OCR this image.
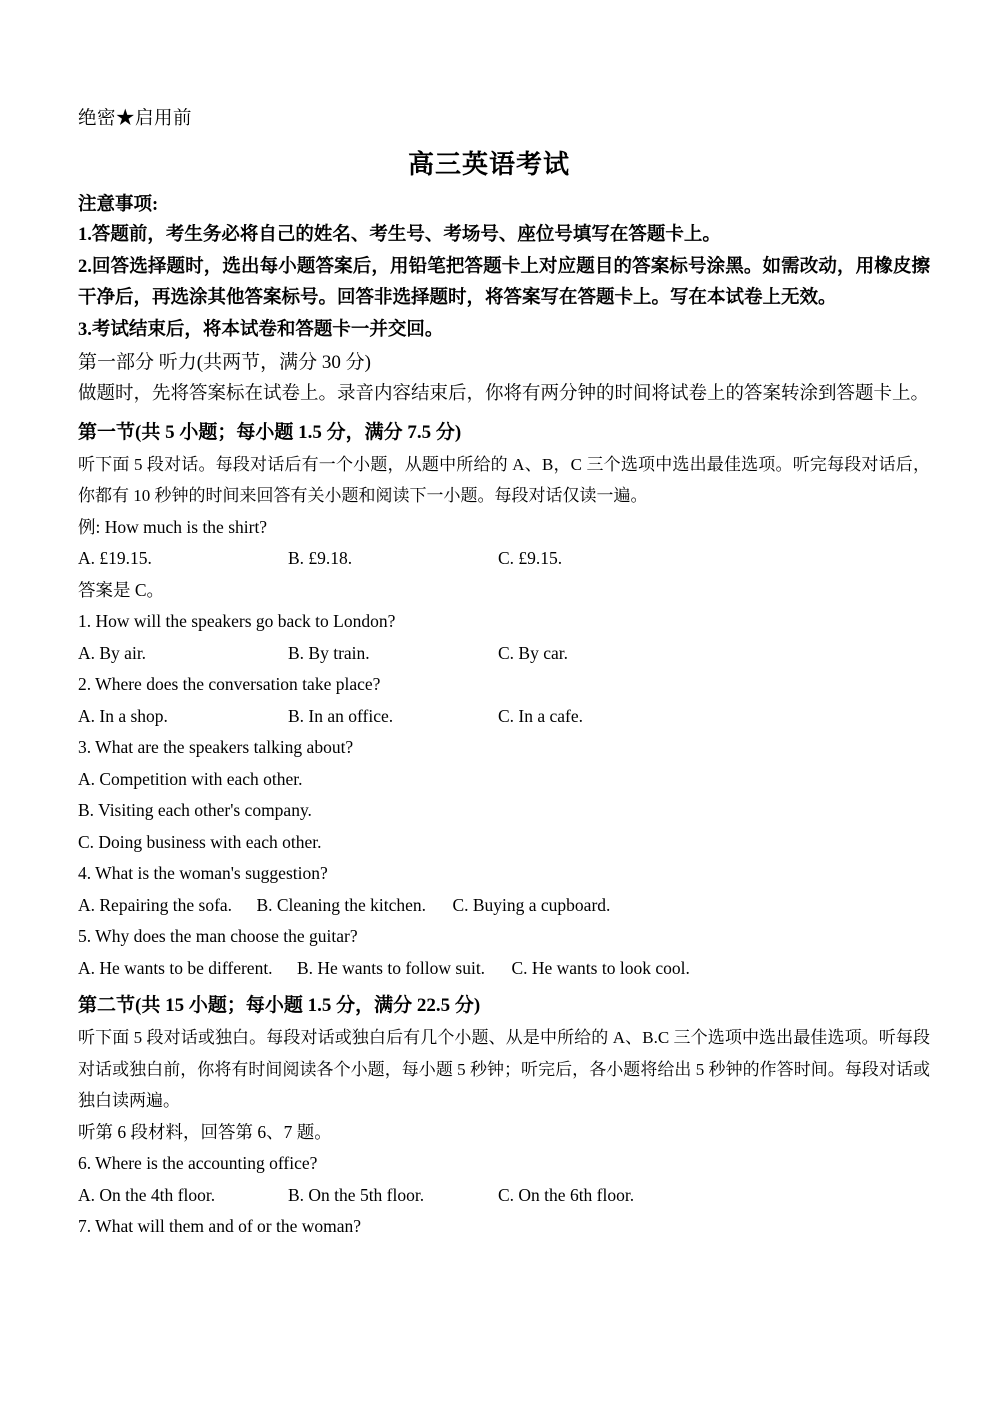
绝密★启用前
高三英语考试
注意事项:
1.答题前，考生务必将自己的姓名、考生号、考场号、座位号填写在答题卡上。
2.回答选择题时，选出每小题答案后，用铅笔把答题卡上对应题目的答案标号涂黑。如需改动，用橡皮擦干净后，再选涂其他答案标号。回答非选择题时，将答案写在答题卡上。写在本试卷上无效。
3.考试结束后，将本试卷和答题卡一并交回。
第一部分 听力(共两节，满分 30 分)
做题时，先将答案标在试卷上。录音内容结束后，你将有两分钟的时间将试卷上的答案转涂到答题卡上。
第一节(共 5 小题；每小题 1.5 分，满分 7.5 分)
听下面 5 段对话。每段对话后有一个小题，从题中所给的 A、B，C 三个选项中选出最佳选项。听完每段对话后，你都有 10 秒钟的时间来回答有关小题和阅读下一小题。每段对话仅读一遍。
例: How much is the shirt?
A. £19.15.	B. £9.18.	C. £9.15.
答案是 C。
1. How will the speakers go back to London?
A. By air.	B. By train.	C. By car.
2. Where does the conversation take place?
A. In a shop.	B. In an office.	C. In a cafe.
3. What are the speakers talking about?
A. Competition with each other.
B. Visiting each other's company.
C. Doing business with each other.
4. What is the woman's suggestion?
A. Repairing the sofa. B. Cleaning the kitchen. C. Buying a cupboard.
5. Why does the man choose the guitar?
A. He wants to be different. B. He wants to follow suit. C. He wants to look cool.
第二节(共 15 小题；每小题 1.5 分，满分 22.5 分)
听下面 5 段对话或独白。每段对话或独白后有几个小题、从是中所给的 A、B.C 三个选项中选出最佳选项。听每段对话或独白前，你将有时间阅读各个小题，每小题 5 秒钟；听完后，各小题将给出 5 秒钟的作答时间。每段对话或独白读两遍。
听第 6 段材料，回答第 6、7 题。
6. Where is the accounting office?
A. On the 4th floor.	B. On the 5th floor.	C. On the 6th floor.
7. What will them and of or the woman?
